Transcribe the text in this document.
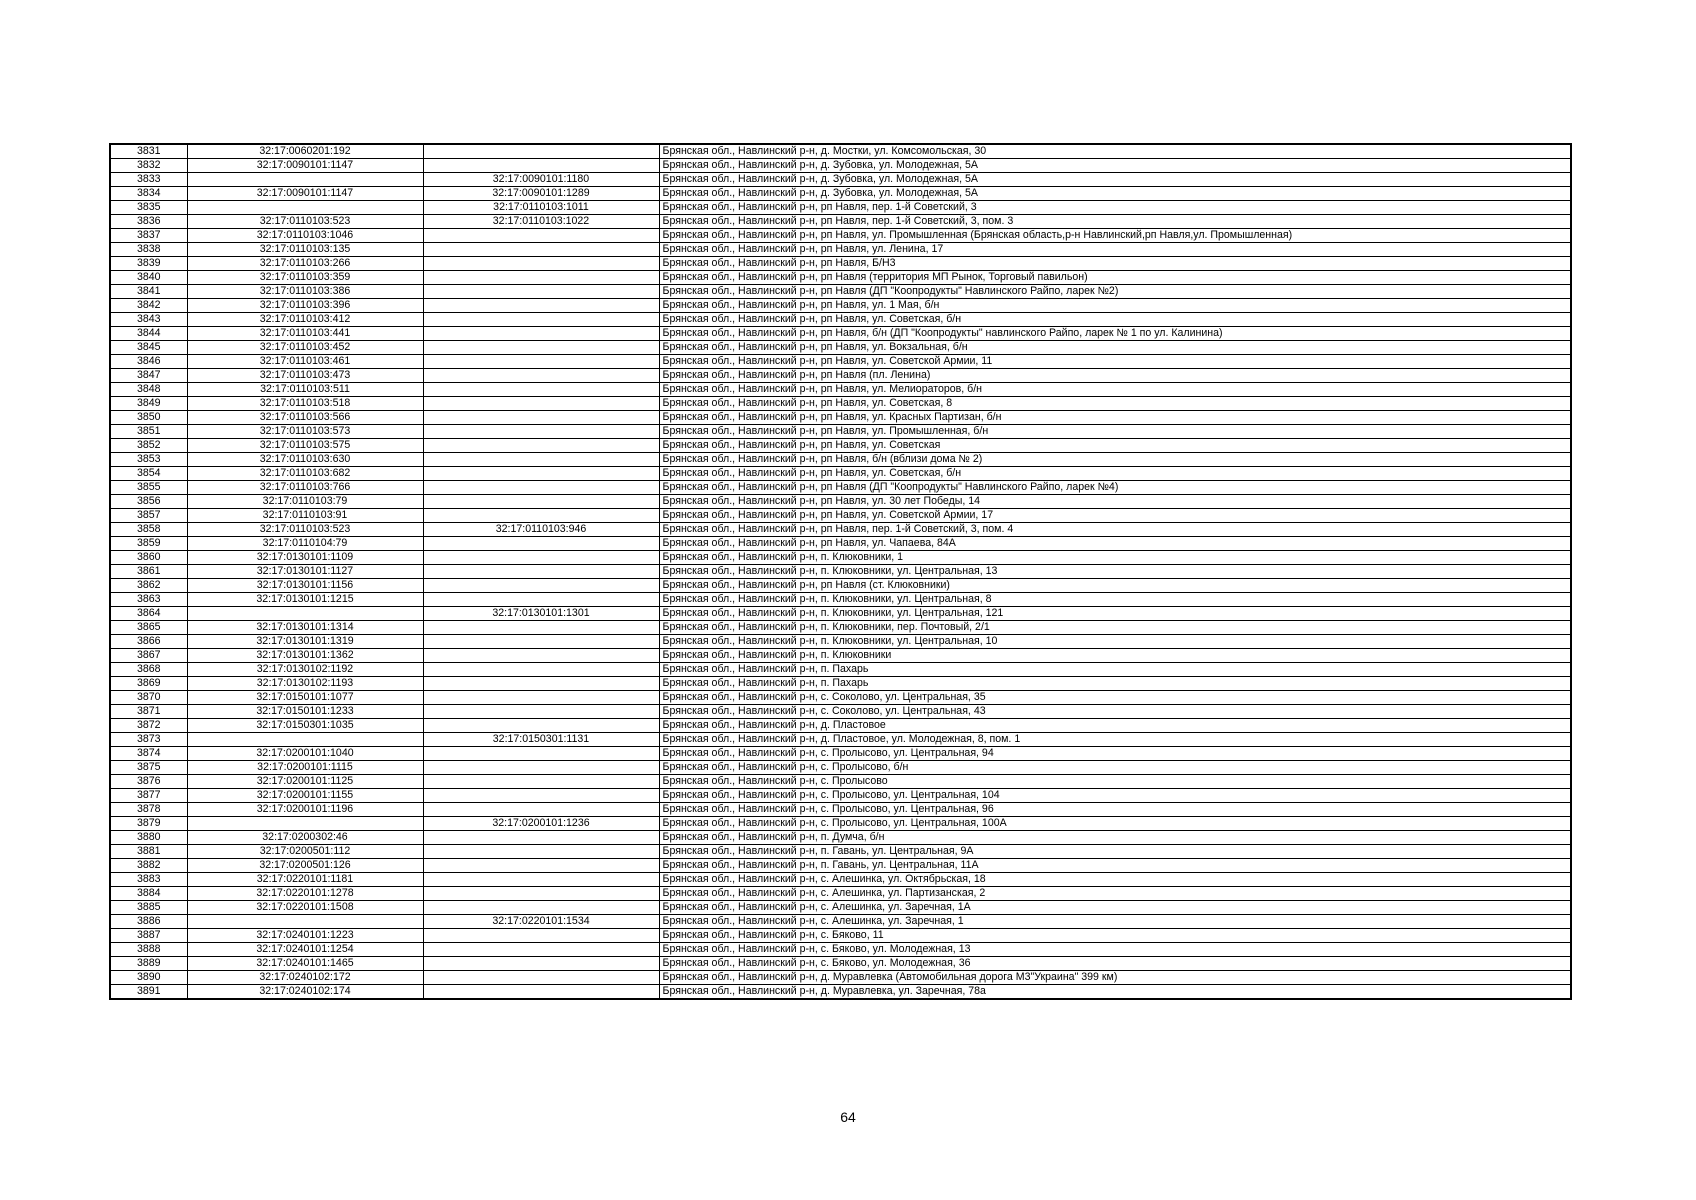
3831	32:17:0060201:192		Брянская обл., Навлинский р-н, д. Мостки, ул. Комсомольская, 30
3832	32:17:0090101:1147		Брянская обл., Навлинский р-н, д. Зубовка, ул. Молодежная, 5А
3833		32:17:0090101:1180	Брянская обл., Навлинский р-н, д. Зубовка, ул. Молодежная, 5А
3834	32:17:0090101:1147	32:17:0090101:1289	Брянская обл., Навлинский р-н, д. Зубовка, ул. Молодежная, 5А
3835		32:17:0110103:1011	Брянская обл., Навлинский р-н, рп Навля, пер. 1-й Советский, 3
3836	32:17:0110103:523	32:17:0110103:1022	Брянская обл., Навлинский р-н, рп Навля, пер. 1-й Советский, 3, пом. 3
3837	32:17:0110103:1046		Брянская обл., Навлинский р-н, рп Навля, ул. Промышленная (Брянская область,р-н Навлинский,рп Навля,ул. Промышленная)
3838	32:17:0110103:135		Брянская обл., Навлинский р-н, рп Навля, ул. Ленина, 17
3839	32:17:0110103:266		Брянская обл., Навлинский р-н, рп Навля, Б/Н3
3840	32:17:0110103:359		Брянская обл., Навлинский р-н, рп Навля (территория МП Рынок, Торговый павильон)
3841	32:17:0110103:386		Брянская обл., Навлинский р-н, рп Навля (ДП "Коопродукты" Навлинского Райпо, ларек №2)
3842	32:17:0110103:396		Брянская обл., Навлинский р-н, рп Навля, ул. 1 Мая, б/н
3843	32:17:0110103:412		Брянская обл., Навлинский р-н, рп Навля, ул. Советская, б/н
3844	32:17:0110103:441		Брянская обл., Навлинский р-н, рп Навля, б/н (ДП "Коопродукты" навлинского Райпо, ларек № 1 по ул. Калинина)
3845	32:17:0110103:452		Брянская обл., Навлинский р-н, рп Навля, ул. Вокзальная, б/н
3846	32:17:0110103:461		Брянская обл., Навлинский р-н, рп Навля, ул. Советской Армии, 11
3847	32:17:0110103:473		Брянская обл., Навлинский р-н, рп Навля (пл. Ленина)
3848	32:17:0110103:511		Брянская обл., Навлинский р-н, рп Навля, ул. Мелиораторов, б/н
3849	32:17:0110103:518		Брянская обл., Навлинский р-н, рп Навля, ул. Советская, 8
3850	32:17:0110103:566		Брянская обл., Навлинский р-н, рп Навля, ул. Красных Партизан, б/н
3851	32:17:0110103:573		Брянская обл., Навлинский р-н, рп Навля, ул. Промышленная, б/н
3852	32:17:0110103:575		Брянская обл., Навлинский р-н, рп Навля, ул. Советская
3853	32:17:0110103:630		Брянская обл., Навлинский р-н, рп Навля, б/н (вблизи дома № 2)
3854	32:17:0110103:682		Брянская обл., Навлинский р-н, рп Навля, ул. Советская, б/н
3855	32:17:0110103:766		Брянская обл., Навлинский р-н, рп Навля (ДП "Коопродукты" Навлинского Райпо, ларек №4)
3856	32:17:0110103:79		Брянская обл., Навлинский р-н, рп Навля, ул. 30 лет Победы, 14
3857	32:17:0110103:91		Брянская обл., Навлинский р-н, рп Навля, ул. Советской Армии, 17
3858	32:17:0110103:523	32:17:0110103:946	Брянская обл., Навлинский р-н, рп Навля, пер. 1-й Советский, 3, пом. 4
3859	32:17:0110104:79		Брянская обл., Навлинский р-н, рп Навля, ул. Чапаева, 84А
3860	32:17:0130101:1109		Брянская обл., Навлинский р-н, п. Клюковники, 1
3861	32:17:0130101:1127		Брянская обл., Навлинский р-н, п. Клюковники, ул. Центральная, 13
3862	32:17:0130101:1156		Брянская обл., Навлинский р-н, рп Навля (ст. Клюковники)
3863	32:17:0130101:1215		Брянская обл., Навлинский р-н, п. Клюковники, ул. Центральная, 8
3864		32:17:0130101:1301	Брянская обл., Навлинский р-н, п. Клюковники, ул. Центральная, 121
3865	32:17:0130101:1314		Брянская обл., Навлинский р-н, п. Клюковники, пер. Почтовый, 2/1
3866	32:17:0130101:1319		Брянская обл., Навлинский р-н, п. Клюковники, ул. Центральная, 10
3867	32:17:0130101:1362		Брянская обл., Навлинский р-н, п. Клюковники
3868	32:17:0130102:1192		Брянская обл., Навлинский р-н, п. Пахарь
3869	32:17:0130102:1193		Брянская обл., Навлинский р-н, п. Пахарь
3870	32:17:0150101:1077		Брянская обл., Навлинский р-н, с. Соколово, ул. Центральная, 35
3871	32:17:0150101:1233		Брянская обл., Навлинский р-н, с. Соколово, ул. Центральная, 43
3872	32:17:0150301:1035		Брянская обл., Навлинский р-н, д. Пластовое
3873		32:17:0150301:1131	Брянская обл., Навлинский р-н, д. Пластовое, ул. Молодежная, 8, пом. 1
3874	32:17:0200101:1040		Брянская обл., Навлинский р-н, с. Пролысово, ул. Центральная, 94
3875	32:17:0200101:1115		Брянская обл., Навлинский р-н, с. Пролысово, б/н
3876	32:17:0200101:1125		Брянская обл., Навлинский р-н, с. Пролысово
3877	32:17:0200101:1155		Брянская обл., Навлинский р-н, с. Пролысово, ул. Центральная, 104
3878	32:17:0200101:1196		Брянская обл., Навлинский р-н, с. Пролысово, ул. Центральная, 96
3879		32:17:0200101:1236	Брянская обл., Навлинский р-н, с. Пролысово, ул. Центральная, 100А
3880	32:17:0200302:46		Брянская обл., Навлинский р-н, п. Думча, б/н
3881	32:17:0200501:112		Брянская обл., Навлинский р-н, п. Гавань, ул. Центральная, 9А
3882	32:17:0200501:126		Брянская обл., Навлинский р-н, п. Гавань, ул. Центральная, 11А
3883	32:17:0220101:1181		Брянская обл., Навлинский р-н, с. Алешинка, ул. Октябрьская, 18
3884	32:17:0220101:1278		Брянская обл., Навлинский р-н, с. Алешинка, ул. Партизанская, 2
3885	32:17:0220101:1508		Брянская обл., Навлинский р-н, с. Алешинка, ул. Заречная, 1А
3886		32:17:0220101:1534	Брянская обл., Навлинский р-н, с. Алешинка, ул. Заречная, 1
3887	32:17:0240101:1223		Брянская обл., Навлинский р-н, с. Бяково, 11
3888	32:17:0240101:1254		Брянская обл., Навлинский р-н, с. Бяково, ул. Молодежная, 13
3889	32:17:0240101:1465		Брянская обл., Навлинский р-н, с. Бяково, ул. Молодежная, 36
3890	32:17:0240102:172		Брянская обл., Навлинский р-н, д. Муравлевка (Автомобильная дорога М3"Украина" 399 км)
3891	32:17:0240102:174		Брянская обл., Навлинский р-н, д. Муравлевка, ул. Заречная, 78а
64
